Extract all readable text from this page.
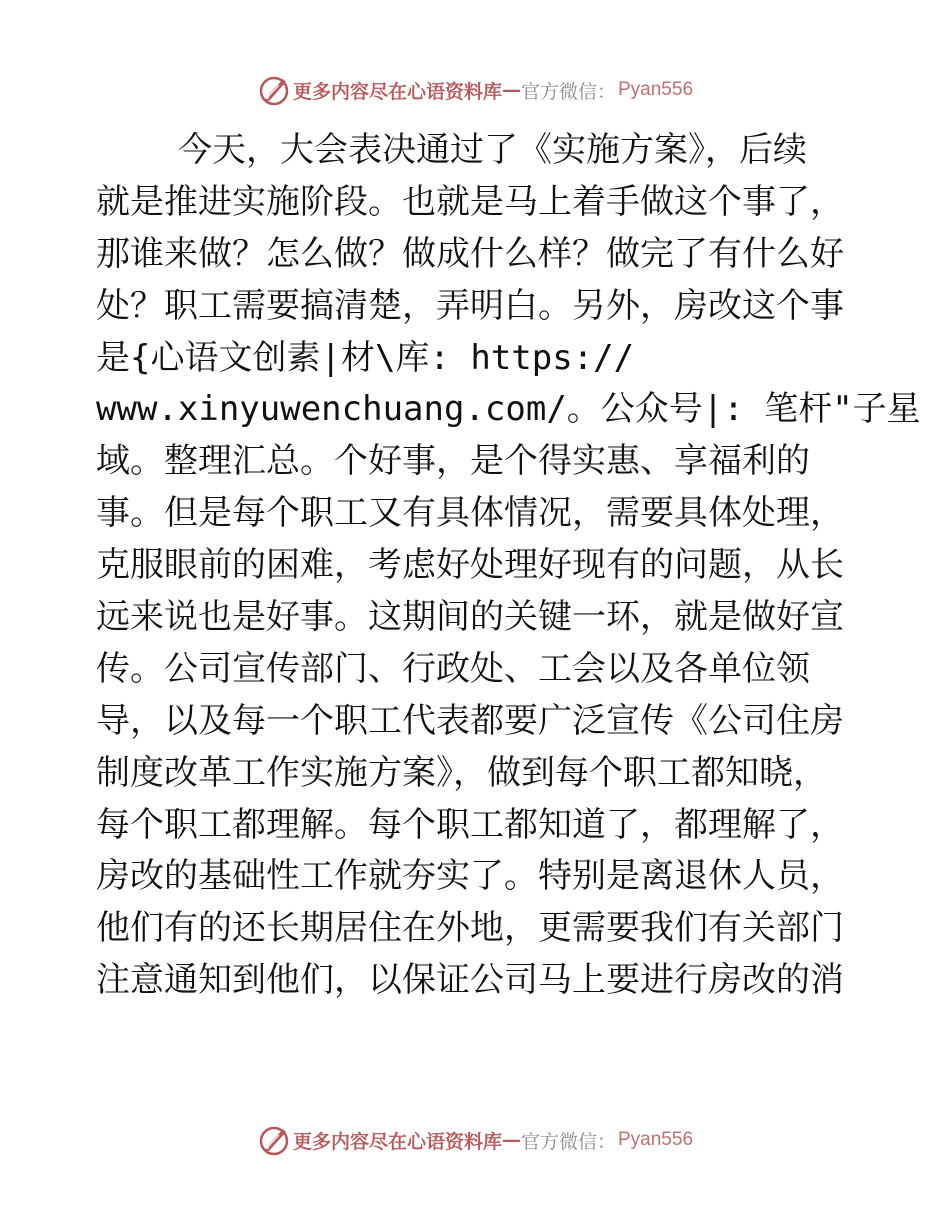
更多内容尽在心语资料库 — 官方微信： Pyan556
今天，大会表决通过了《实施方案》，后续
就是推进实施阶段。也就是马上着手做这个事了，
那谁来做？怎么做？做成什么样？做完了有什么好
处？职工需要搞清楚，弄明白。另外，房改这个事
是{心语文创素|材\库: https://
www.xinyuwenchuang.com/。公众号|: 笔杆"子星
域。整理汇总。个好事，是个得实惠、享福利的
事。但是每个职工又有具体情况，需要具体处理，
克服眼前的困难，考虑好处理好现有的问题，从长
远来说也是好事。这期间的关键一环，就是做好宣
传。公司宣传部门、行政处、工会以及各单位领
导，以及每一个职工代表都要广泛宣传《公司住房
制度改革工作实施方案》，做到每个职工都知晓，
每个职工都理解。每个职工都知道了，都理解了，
房改的基础性工作就夯实了。特别是离退休人员，
他们有的还长期居住在外地，更需要我们有关部门
注意通知到他们，以保证公司马上要进行房改的消
更多内容尽在心语资料库 — 官方微信： Pyan556
